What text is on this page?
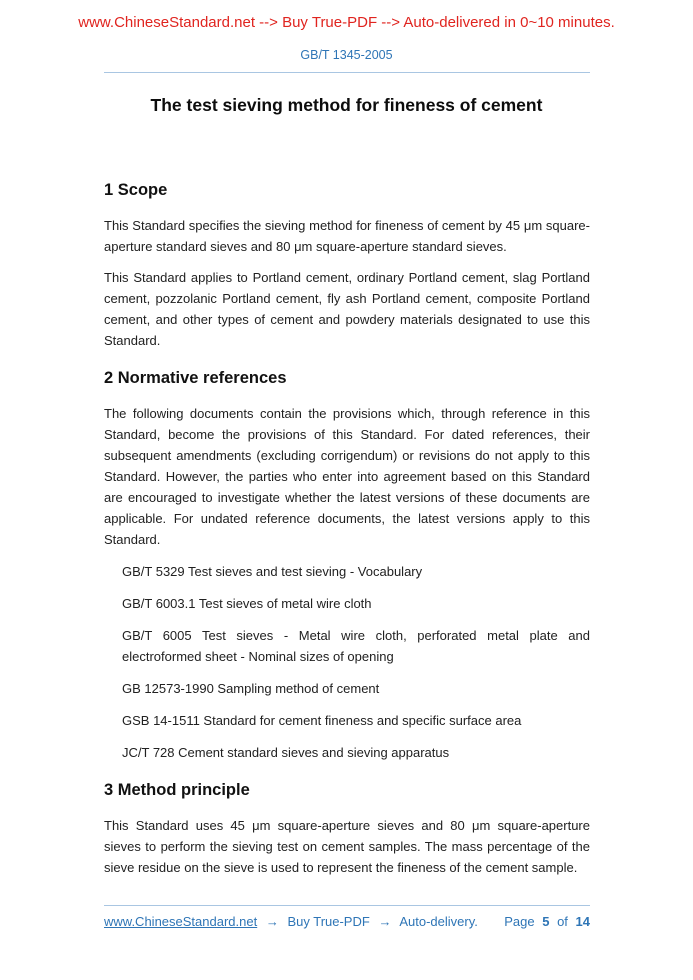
www.ChineseStandard.net --> Buy True-PDF --> Auto-delivered in 0~10 minutes.
GB/T 1345-2005
The test sieving method for fineness of cement
1 Scope

This Standard specifies the sieving method for fineness of cement by 45 μm square-aperture standard sieves and 80 μm square-aperture standard sieves.

This Standard applies to Portland cement, ordinary Portland cement, slag Portland cement, pozzolanic Portland cement, fly ash Portland cement, composite Portland cement, and other types of cement and powdery materials designated to use this Standard.

2 Normative references

The following documents contain the provisions which, through reference in this Standard, become the provisions of this Standard. For dated references, their subsequent amendments (excluding corrigendum) or revisions do not apply to this Standard. However, the parties who enter into agreement based on this Standard are encouraged to investigate whether the latest versions of these documents are applicable. For undated reference documents, the latest versions apply to this Standard.

GB/T 5329 Test sieves and test sieving - Vocabulary

GB/T 6003.1 Test sieves of metal wire cloth

GB/T 6005 Test sieves - Metal wire cloth, perforated metal plate and electroformed sheet - Nominal sizes of opening

GB 12573-1990 Sampling method of cement

GSB 14-1511 Standard for cement fineness and specific surface area

JC/T 728 Cement standard sieves and sieving apparatus

3 Method principle

This Standard uses 45 μm square-aperture sieves and 80 μm square-aperture sieves to perform the sieving test on cement samples. The mass percentage of the sieve residue on the sieve is used to represent the fineness of the cement sample.

www.ChineseStandard.net → Buy True-PDF → Auto-delivery.	Page 5 of 14
